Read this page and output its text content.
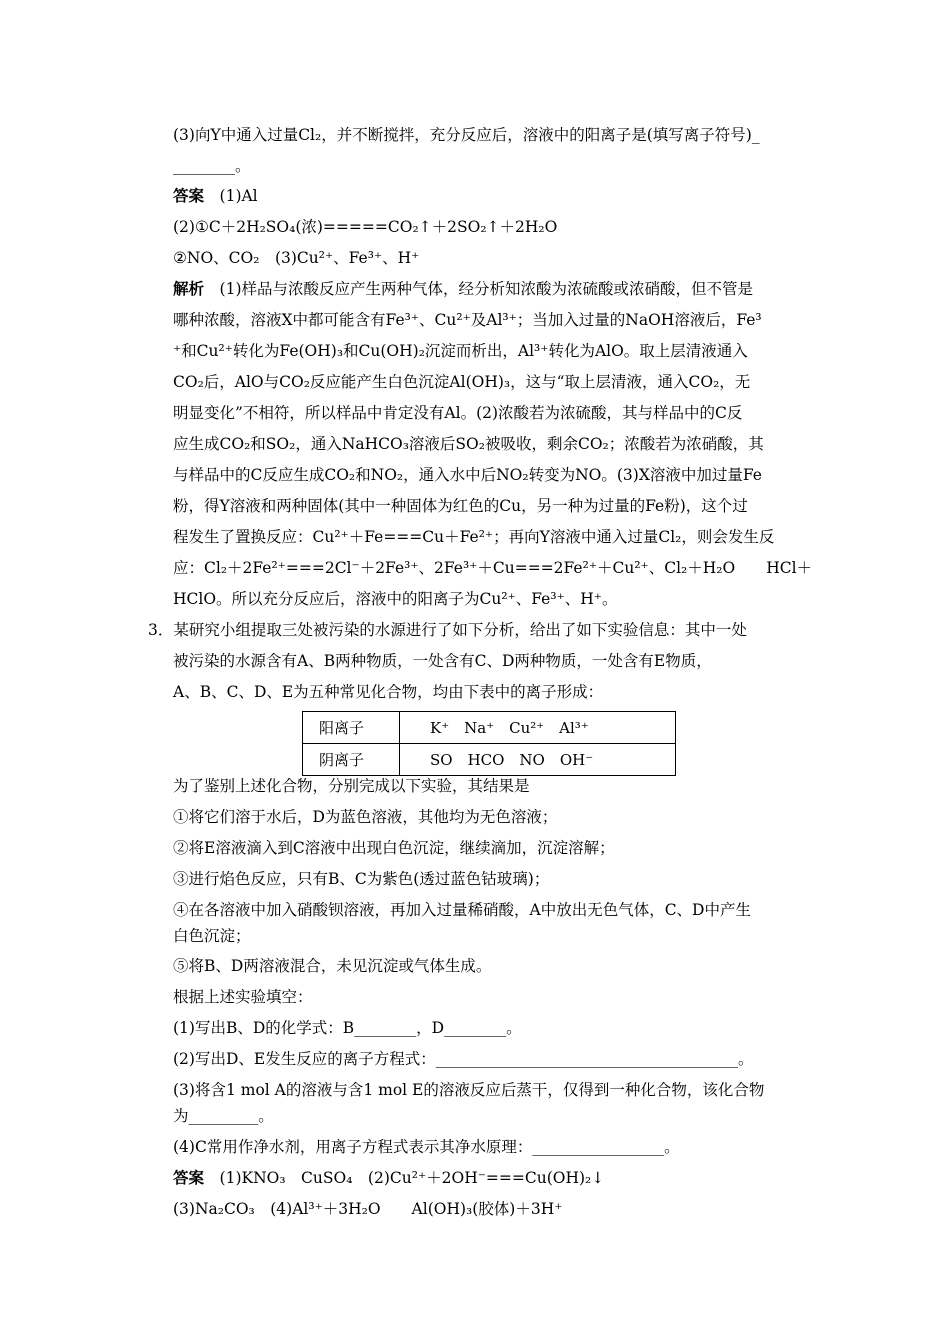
(3)向Y中通入过量Cl₂，并不断搅拌，充分反应后，溶液中的阳离子是(填写离子符号)_
________。
答案　 (1)Al
(2)①C＋2H₂SO₄(浓)=====CO₂↑＋2SO₂↑＋2H₂O
②NO、CO₂　(3)Cu²⁺、Fe³⁺、H⁺
解析　 (1)样品与浓酸反应产生两种气体，经分析知浓酸为浓硫酸或浓硝酸，但不管是
哪种浓酸，溶液X中都可能含有Fe³⁺、Cu²⁺及Al³⁺；当加入过量的NaOH溶液后，Fe³
⁺和Cu²⁺转化为Fe(OH)₃和Cu(OH)₂沉淀而析出，Al³⁺转化为AlO。取上层清液通入
CO₂后，AlO与CO₂反应能产生白色沉淀Al(OH)₃，这与“取上层清液，通入CO₂，无
明显变化”不相符，所以样品中肯定没有Al。(2)浓酸若为浓硫酸，其与样品中的C反
应生成CO₂和SO₂，通入NaHCO₃溶液后SO₂被吸收，剩余CO₂；浓酸若为浓硝酸，其
与样品中的C反应生成CO₂和NO₂，通入水中后NO₂转变为NO。(3)X溶液中加过量Fe
粉，得Y溶液和两种固体(其中一种固体为红色的Cu，另一种为过量的Fe粉)，这个过
程发生了置换反应：Cu²⁺＋Fe===Cu＋Fe²⁺；再向Y溶液中通入过量Cl₂，则会发生反
应：Cl₂＋2Fe²⁺===2Cl⁻＋2Fe³⁺、2Fe³⁺＋Cu===2Fe²⁺＋Cu²⁺、Cl₂＋H₂O　　HCl＋
HClO。所以充分反应后，溶液中的阳离子为Cu²⁺、Fe³⁺、H⁺。
3．某研究小组提取三处被污染的水源进行了如下分析，给出了如下实验信息：其中一处
被污染的水源含有A、B两种物质，一处含有C、D两种物质，一处含有E物质，
A、B、C、D、E为五种常见化合物，均由下表中的离子形成：
阳离子	K⁺　Na⁺　Cu²⁺　Al³⁺
阴离子	SO　HCO　NO　OH⁻
为了鉴别上述化合物，分别完成以下实验，其结果是
①将它们溶于水后，D为蓝色溶液，其他均为无色溶液；
②将E溶液滴入到C溶液中出现白色沉淀，继续滴加，沉淀溶解；
③进行焰色反应，只有B、C为紫色(透过蓝色钴玻璃)；
④在各溶液中加入硝酸钡溶液，再加入过量稀硝酸，A中放出无色气体，C、D中产生
白色沉淀；
⑤将B、D两溶液混合，未见沉淀或气体生成。
根据上述实验填空：
(1)写出B、D的化学式：B________，D________。
(2)写出D、E发生反应的离子方程式：_______________________________________。
(3)将含1 mol A的溶液与含1 mol E的溶液反应后蒸干，仅得到一种化合物，该化合物
为_________。
(4)C常用作净水剂，用离子方程式表示其净水原理：_________________。
答案　 (1)KNO₃　CuSO₄　(2)Cu²⁺＋2OH⁻===Cu(OH)₂↓
(3)Na₂CO₃　(4)Al³⁺＋3H₂O　　Al(OH)₃(胶体)＋3H⁺
